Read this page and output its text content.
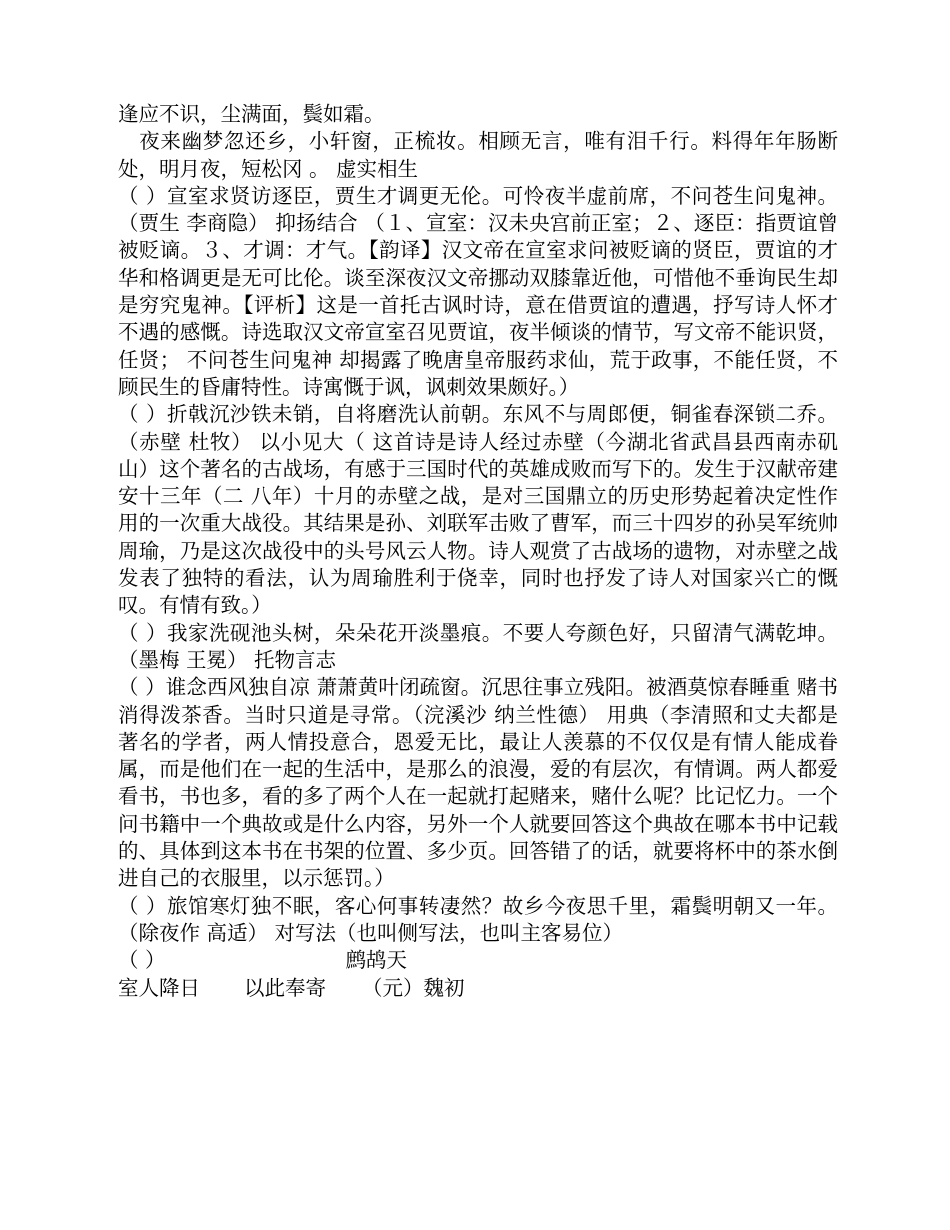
逢应不识，尘满面，鬓如霜。

　夜来幽梦忽还乡，小轩窗，正梳妆。相顾无言，唯有泪千行。料得年年肠断处，明月夜，短松冈 。 虚实相生

（ ）宣室求贤访逐臣，贾生才调更无伦。可怜夜半虚前席，不问苍生问鬼神。（贾生 李商隐） 抑扬结合 （１、宣室：汉未央宫前正室；２、逐臣：指贾谊曾被贬谪。３、才调：才气。【韵译】汉文帝在宣室求问被贬谪的贤臣，贾谊的才华和格调更是无可比伦。谈至深夜汉文帝挪动双膝靠近他，可惜他不垂询民生却是穷究鬼神。【评析】这是一首托古讽时诗，意在借贾谊的遭遇，抒写诗人怀才不遇的感慨。诗选取汉文帝宣室召见贾谊，夜半倾谈的情节，写文帝不能识贤，任贤； 不问苍生问鬼神 却揭露了晚唐皇帝服药求仙，荒于政事，不能任贤，不顾民生的昏庸特性。诗寓慨于讽，讽刺效果颇好。）

（ ）折戟沉沙铁未销，自将磨洗认前朝。东风不与周郎便，铜雀春深锁二乔。（赤壁 杜牧） 以小见大（ 这首诗是诗人经过赤壁（今湖北省武昌县西南赤矶山）这个著名的古战场，有感于三国时代的英雄成败而写下的。发生于汉献帝建安十三年（二 八年）十月的赤壁之战，是对三国鼎立的历史形势起着决定性作用的一次重大战役。其结果是孙、刘联军击败了曹军，而三十四岁的孙吴军统帅周瑜，乃是这次战役中的头号风云人物。诗人观赏了古战场的遗物，对赤壁之战发表了独特的看法，认为周瑜胜利于侥幸，同时也抒发了诗人对国家兴亡的慨叹。有情有致。）

（ ）我家洗砚池头树，朵朵花开淡墨痕。不要人夸颜色好，只留清气满乾坤。（墨梅 王冕） 托物言志

（ ）谁念西风独自凉 萧萧黄叶闭疏窗。沉思往事立残阳。被酒莫惊春睡重 赌书消得泼茶香。当时只道是寻常。（浣溪沙 纳兰性德） 用典（李清照和丈夫都是著名的学者，两人情投意合，恩爱无比，最让人羡慕的不仅仅是有情人能成眷属，而是他们在一起的生活中，是那么的浪漫，爱的有层次，有情调。两人都爱看书，书也多，看的多了两个人在一起就打起赌来，赌什么呢？比记忆力。一个问书籍中一个典故或是什么内容，另外一个人就要回答这个典故在哪本书中记载的、具体到这本书在书架的位置、多少页。回答错了的话，就要将杯中的茶水倒进自己的衣服里，以示惩罚。）

（ ）旅馆寒灯独不眠，客心何事转凄然？故乡今夜思千里，霜鬓明朝又一年。（除夜作 高适） 对写法（也叫侧写法，也叫主客易位）

（ ）	鹧鸪天

室人降日 以此奉寄 （元）魏初
